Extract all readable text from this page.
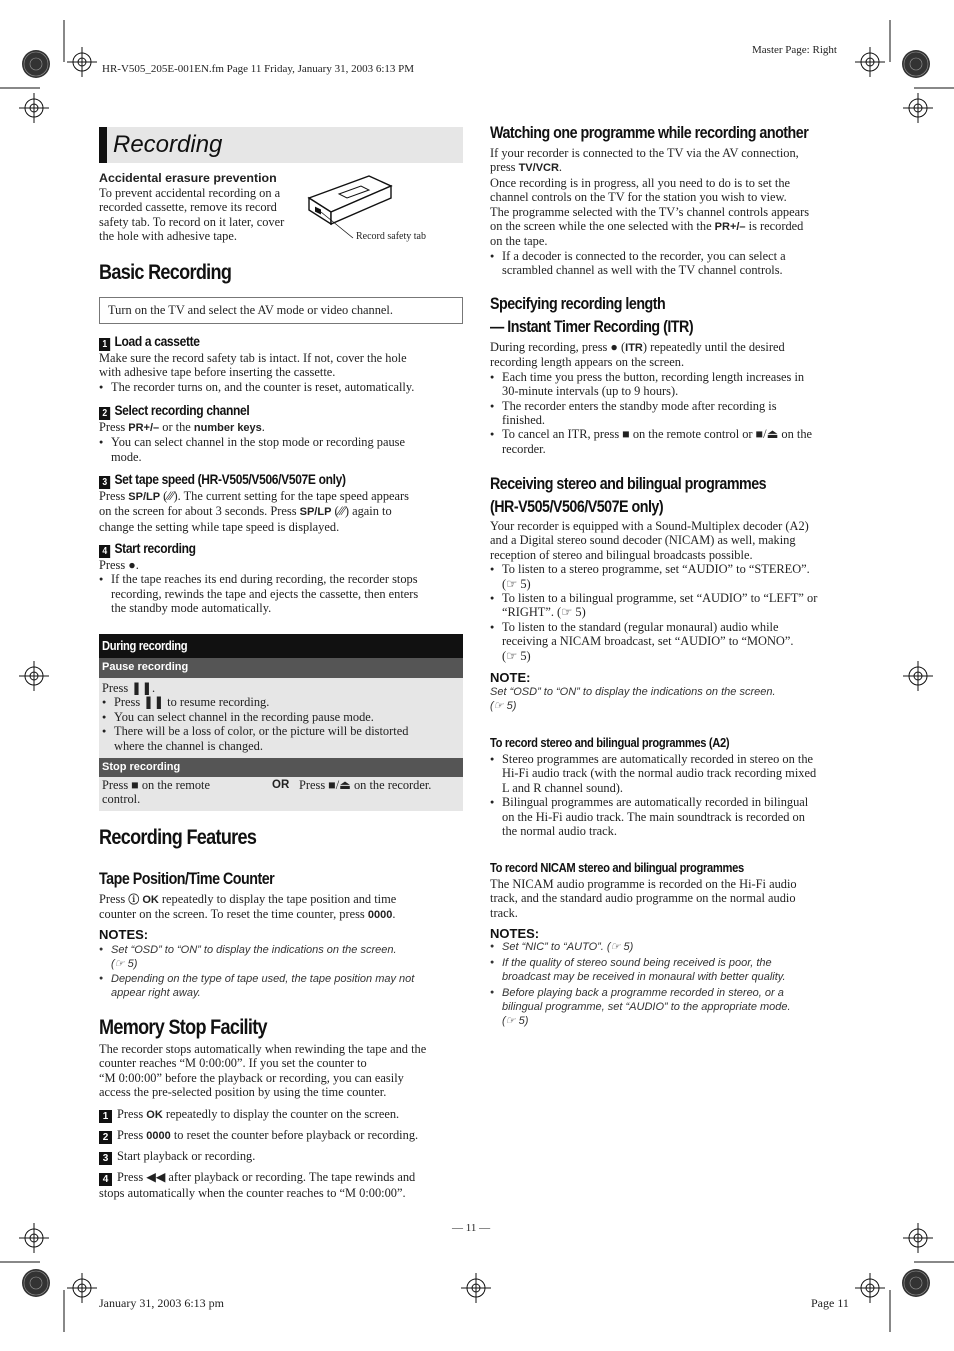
HR-V505_205E-001EN.fm Page 11 Friday, January 31, 2003 6:13 PM
Master Page: Right
Recording
Accidental erasure prevention
To prevent accidental recording on a
recorded cassette, remove its record
safety tab. To record on it later, cover
the hole with adhesive tape.	Record safety tab
Basic Recording
Turn on the TV and select the AV mode or video channel.
1 Load a cassette
Make sure the record safety tab is intact. If not, cover the hole
with adhesive tape before inserting the cassette.
● The recorder turns on, and the counter is reset, automatically.
2 Select recording channel
Press PR+/– or the number keys.
● You can select channel in the stop mode or recording pause
mode.
3 Set tape speed (HR-V505/V506/V507E only)
Press SP/LP (⁄⁄⁄). The current setting for the tape speed appears
on the screen for about 3 seconds. Press SP/LP (⁄⁄⁄) again to
change the setting while tape speed is displayed.
4 Start recording
Press ●.
● If the tape reaches its end during recording, the recorder stops
recording, rewinds the tape and ejects the cassette, then enters
the standby mode automatically.
During recording
Pause recording
Press ❚❚.
● Press ❚❚ to resume recording.
● You can select channel in the recording pause mode.
● There will be a loss of color, or the picture will be distorted
where the channel is changed.
Stop recording
Press ■ on the remote
control.
OR Press ■/⏏ on the recorder.
Recording Features
Tape Position/Time Counter
Press ⓘ OK repeatedly to display the tape position and time
counter on the screen. To reset the time counter, press 0000.
NOTES:
● Set “OSD” to “ON” to display the indications on the screen.
(☞ 5)
● Depending on the type of tape used, the tape position may not
appear right away.
Memory Stop Facility
The recorder stops automatically when rewinding the tape and the
counter reaches “M 0:00:00”. If you set the counter to
“M 0:00:00” before the playback or recording, you can easily
access the pre-selected position by using the time counter.
1 Press OK repeatedly to display the counter on the screen.
2 Press 0000 to reset the counter before playback or recording.
3 Start playback or recording.
4 Press ◀◀ after playback or recording. The tape rewinds and
stops automatically when the counter reaches to “M 0:00:00”.
Watching one programme while recording another
If your recorder is connected to the TV via the AV connection,
press TV/VCR.
Once recording is in progress, all you need to do is to set the
channel controls on the TV for the station you wish to view.
The programme selected with the TV’s channel controls appears
on the screen while the one selected with the PR+/– is recorded
on the tape.
● If a decoder is connected to the recorder, you can select a
scrambled channel as well with the TV channel controls.
Specifying recording length
— Instant Timer Recording (ITR)
During recording, press ● (ITR) repeatedly until the desired
recording length appears on the screen.
● Each time you press the button, recording length increases in
30-minute intervals (up to 9 hours).
● The recorder enters the standby mode after recording is
finished.
● To cancel an ITR, press ■ on the remote control or ■/⏏ on the
recorder.
Receiving stereo and bilingual programmes
(HR-V505/V506/V507E only)
Your recorder is equipped with a Sound-Multiplex decoder (A2)
and a Digital stereo sound decoder (NICAM) as well, making
reception of stereo and bilingual broadcasts possible.
● To listen to a stereo programme, set “AUDIO” to “STEREO”.
(☞ 5)
● To listen to a bilingual programme, set “AUDIO” to “LEFT” or
“RIGHT”. (☞ 5)
● To listen to the standard (regular monaural) audio while
receiving a NICAM broadcast, set “AUDIO” to “MONO”.
(☞ 5)
NOTE:
Set “OSD” to “ON” to display the indications on the screen.
(☞ 5)
To record stereo and bilingual programmes (A2)
● Stereo programmes are automatically recorded in stereo on the
Hi-Fi audio track (with the normal audio track recording mixed
L and R channel sound).
● Bilingual programmes are automatically recorded in bilingual
on the Hi-Fi audio track. The main soundtrack is recorded on
the normal audio track.
To record NICAM stereo and bilingual programmes
The NICAM audio programme is recorded on the Hi-Fi audio
track, and the standard audio programme on the normal audio
track.
NOTES:
● Set “NIC” to “AUTO”. (☞ 5)
● If the quality of stereo sound being received is poor, the
broadcast may be received in monaural with better quality.
● Before playing back a programme recorded in stereo, or a
bilingual programme, set “AUDIO” to the appropriate mode.
(☞ 5)
— 11 —
January 31, 2003 6:13 pm	Page 11
